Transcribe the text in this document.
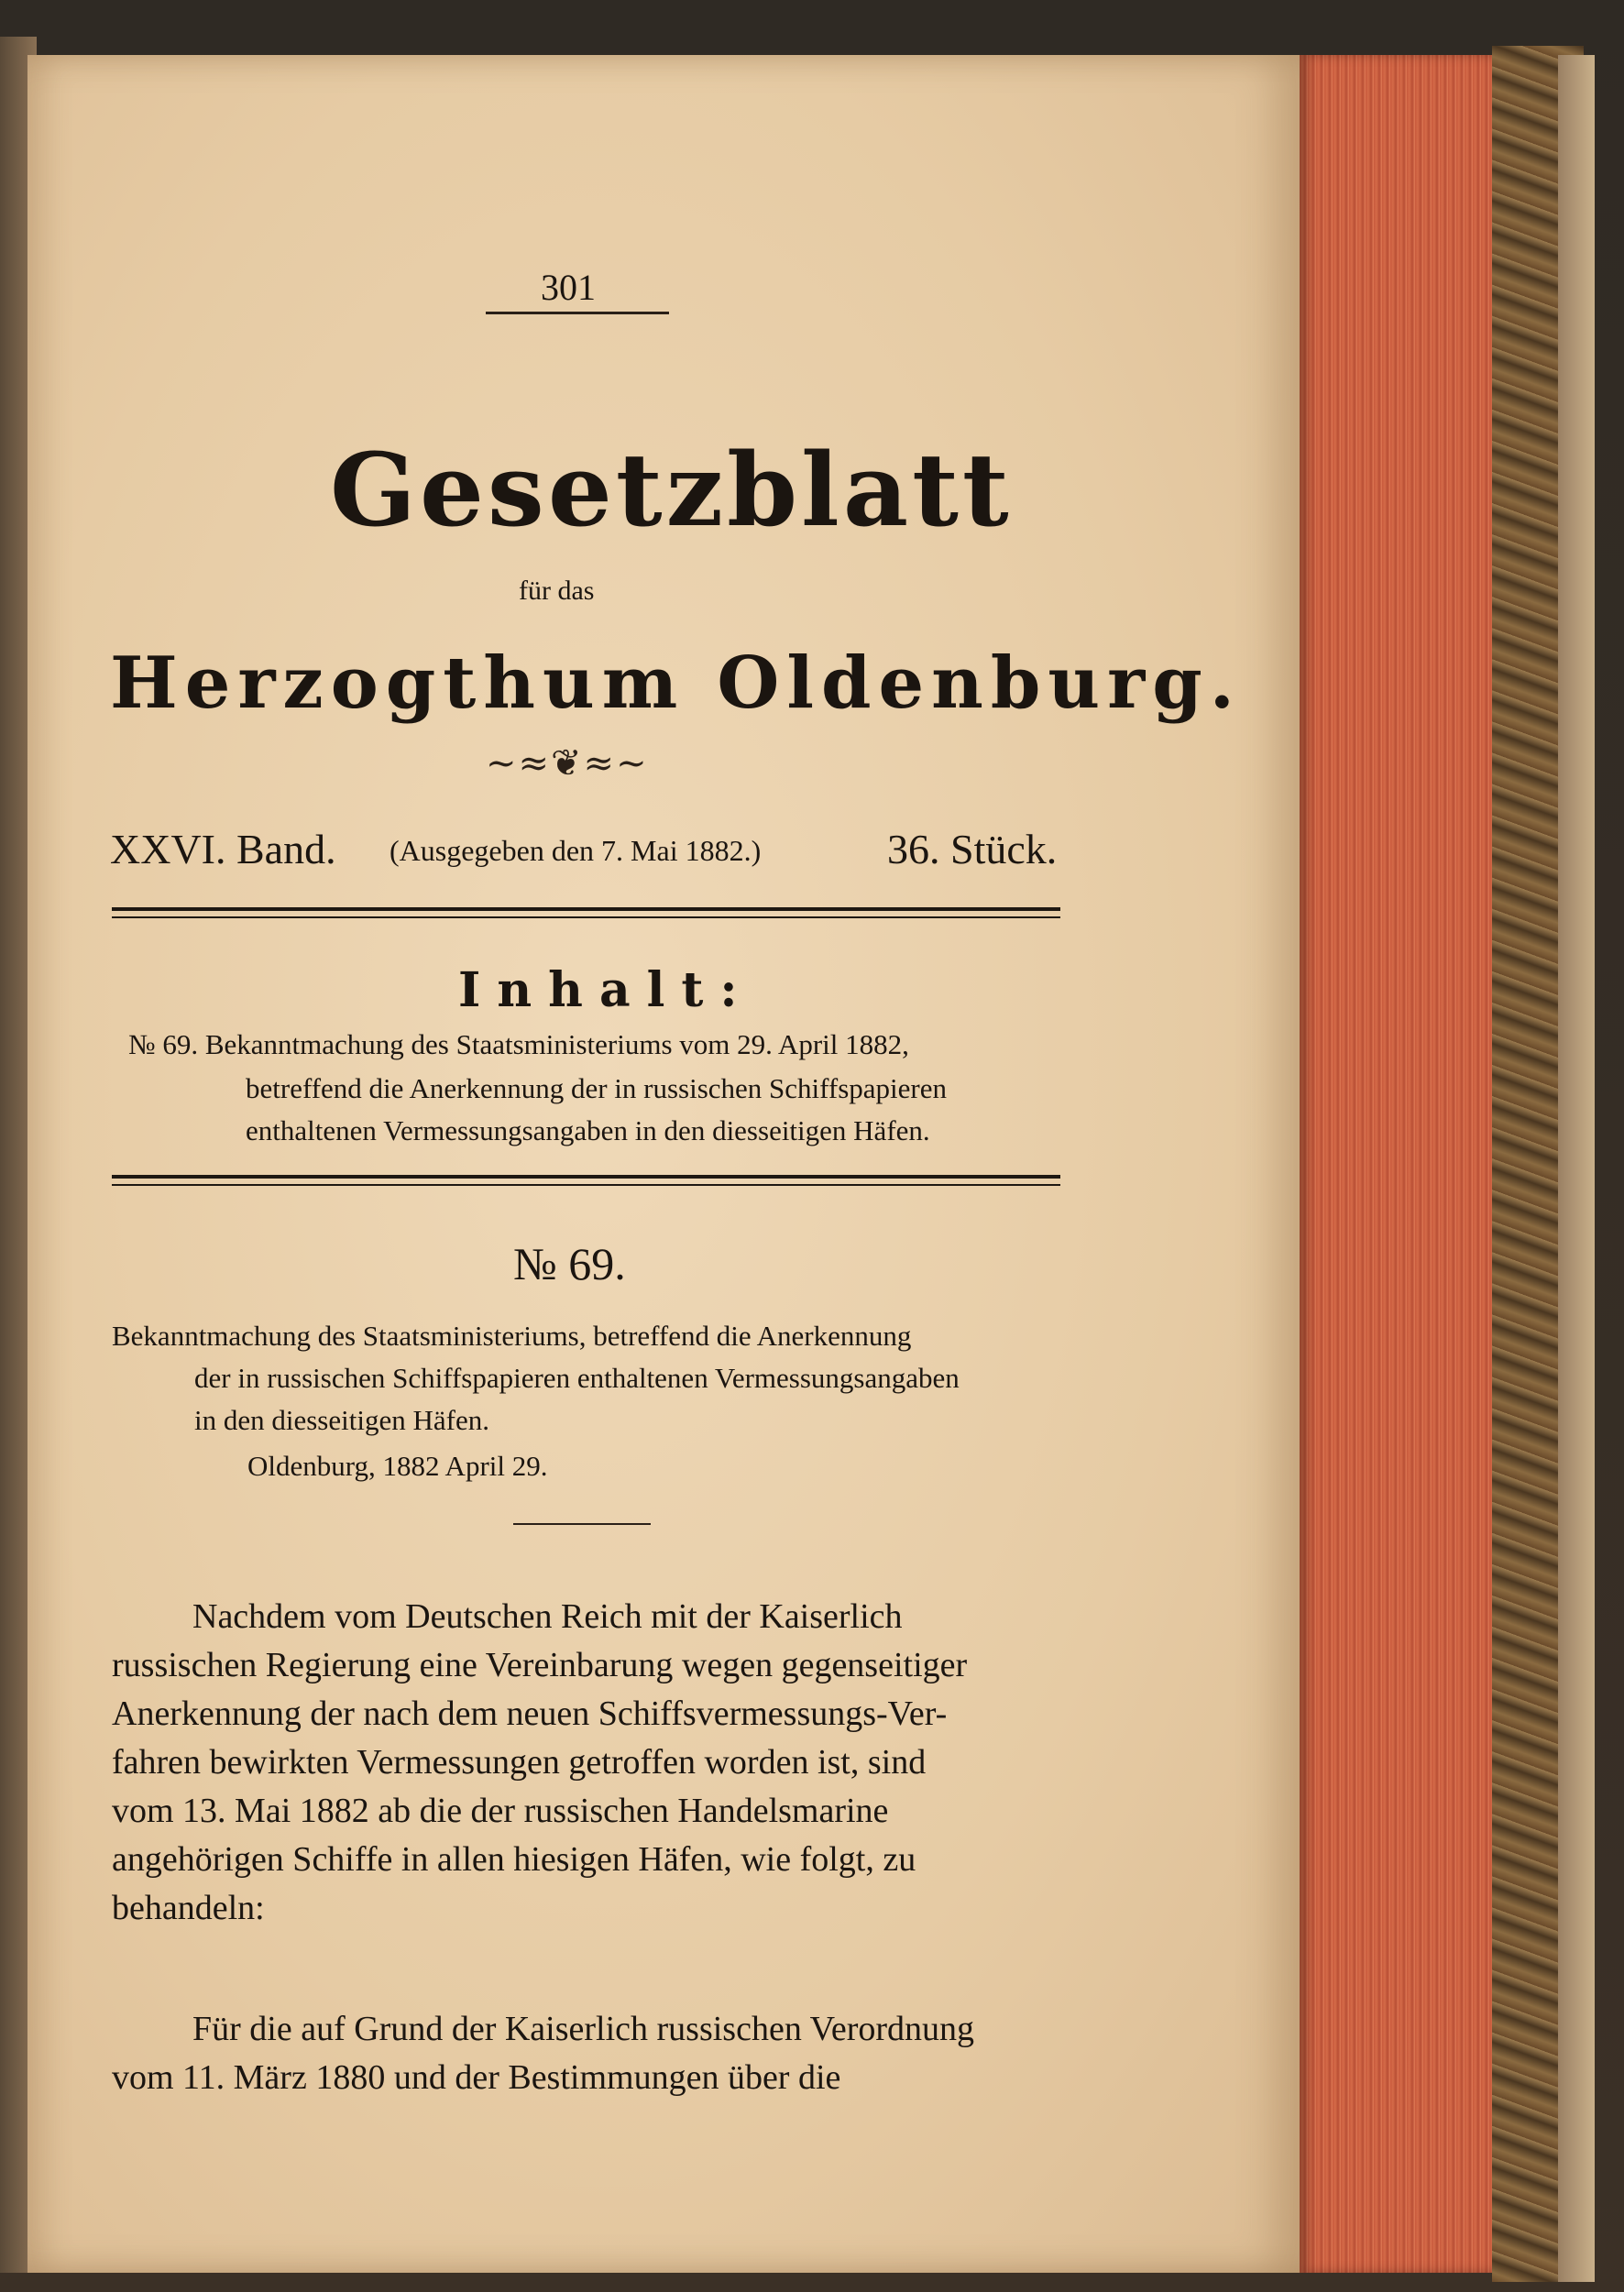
301
Gesetzblatt
für das
Herzogthum Oldenburg.
~≈❦≈~
XXVI. Band. (Ausgegeben den 7. Mai 1882.)	36. Stück.
Inhalt:
№ 69. Bekanntmachung des Staatsministeriums vom 29. April 1882,
betreffend die Anerkennung der in russischen Schiffspapieren
enthaltenen Vermessungsangaben in den diesseitigen Häfen.
№ 69.
Bekanntmachung des Staatsministeriums, betreffend die Anerkennung
der in russischen Schiffspapieren enthaltenen Vermessungsangaben
in den diesseitigen Häfen.
Oldenburg, 1882 April 29.
Nachdem vom Deutschen Reich mit der Kaiserlich
russischen Regierung eine Vereinbarung wegen gegenseitiger
Anerkennung der nach dem neuen Schiffsvermessungs-Ver-
fahren bewirkten Vermessungen getroffen worden ist, sind
vom 13. Mai 1882 ab die der russischen Handelsmarine
angehörigen Schiffe in allen hiesigen Häfen, wie folgt, zu
behandeln:
Für die auf Grund der Kaiserlich russischen Verordnung
vom 11. März 1880 und der Bestimmungen über die
